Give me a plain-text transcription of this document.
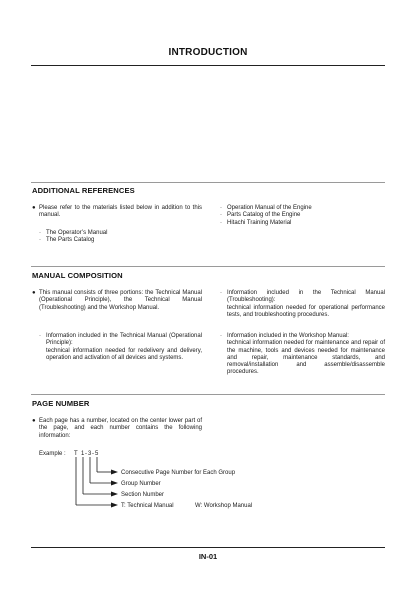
INTRODUCTION
ADDITIONAL REFERENCES
● Please refer to the materials listed below in addition to this manual.
· The Operator’s Manual
· The Parts Catalog
· Operation Manual of the Engine
· Parts Catalog of the Engine
· Hitachi Training Material
MANUAL COMPOSITION
● This manual consists of three portions: the Technical Manual (Operational Principle), the Technical Manual (Troubleshooting) and the Workshop Manual.
· Information included in the Technical Manual (Operational Principle):
technical information needed for redelivery and delivery, operation and activation of all devices and systems.
· Information included in the Technical Manual (Troubleshooting):
technical information needed for operational performance tests, and troubleshooting procedures.
· Information included in the Workshop Manual:
technical information needed for maintenance and repair of the machine, tools and devices needed for maintenance and repair, maintenance standards, and removal/installation and assemble/disassemble procedures.
PAGE NUMBER
● Each page has a number, located on the center lower part of the page, and each number contains the following information:
Example : T 1 - 3 - 5
Consecutive Page Number for Each Group
Group Number
Section Number
T: Technical Manual	W: Workshop Manual
IN-01
